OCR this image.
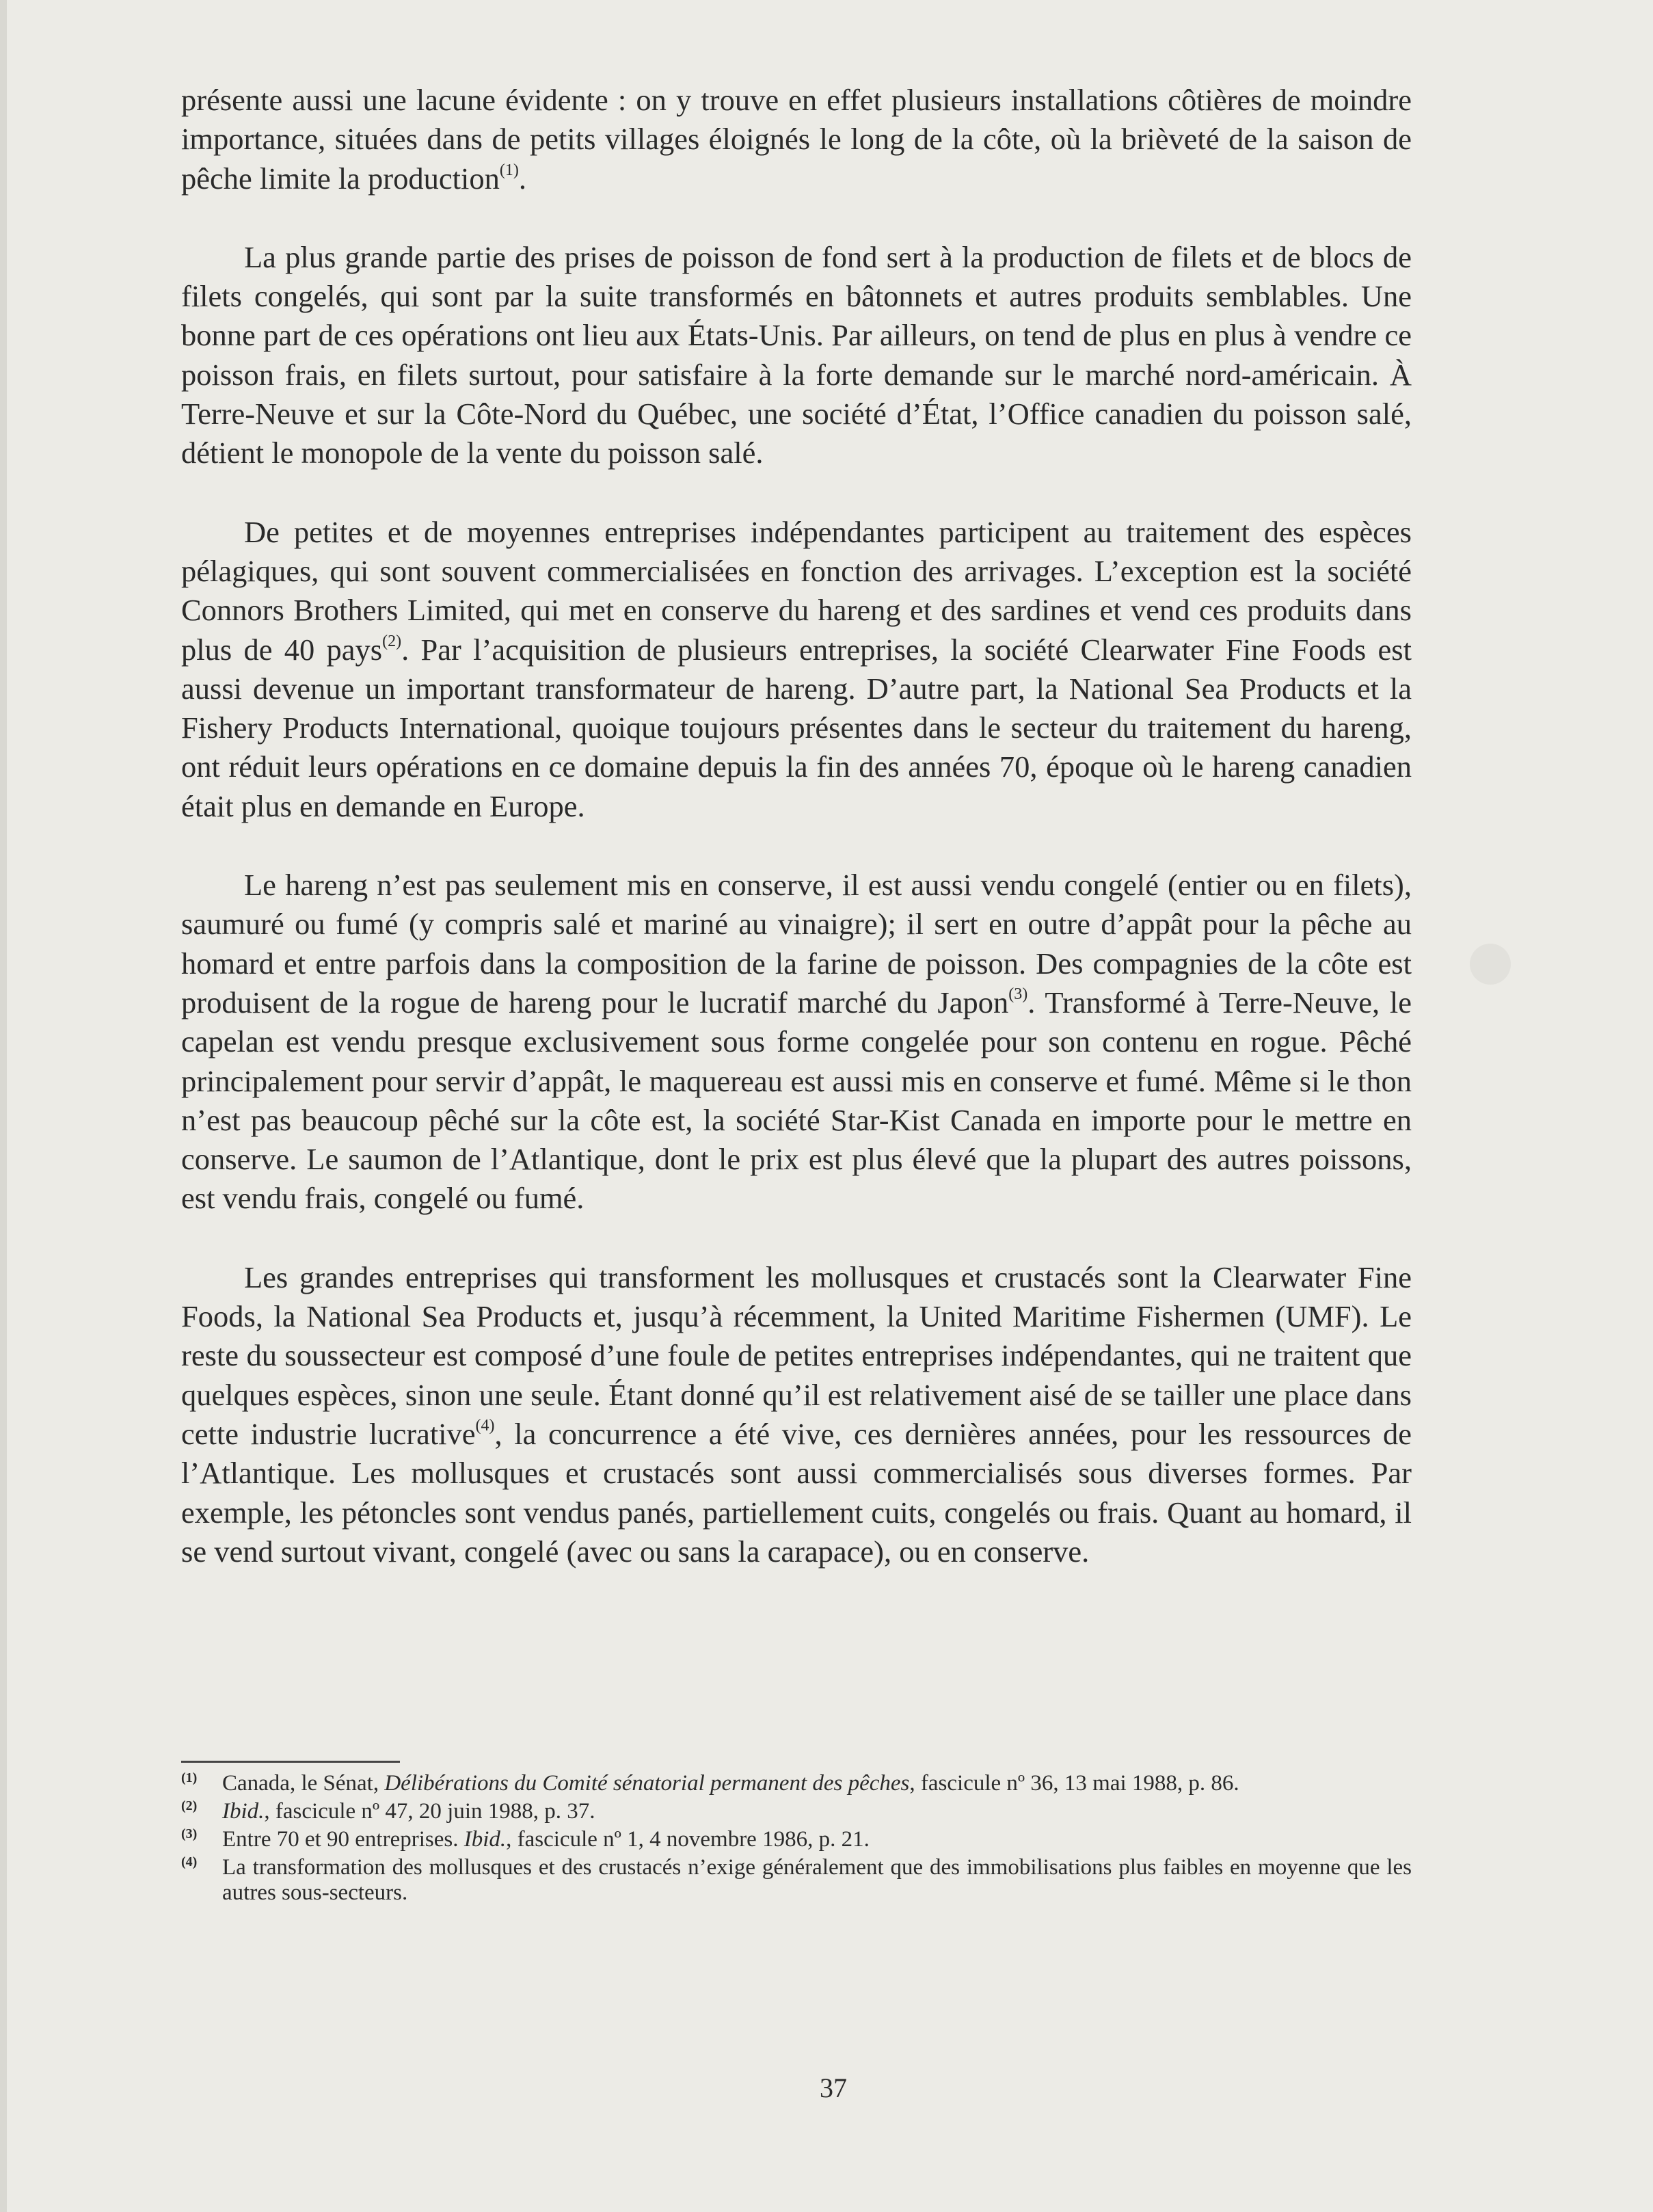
présente aussi une lacune évidente : on y trouve en effet plusieurs installations côtières de moindre importance, situées dans de petits villages éloignés le long de la côte, où la brièveté de la saison de pêche limite la production$^{(1)}$.

La plus grande partie des prises de poisson de fond sert à la production de filets et de blocs de filets congelés, qui sont par la suite transformés en bâtonnets et autres produits semblables. Une bonne part de ces opérations ont lieu aux États-Unis. Par ailleurs, on tend de plus en plus à vendre ce poisson frais, en filets surtout, pour satisfaire à la forte demande sur le marché nord-américain. À Terre-Neuve et sur la Côte-Nord du Québec, une société d’État, l’Office canadien du poisson salé, détient le monopole de la vente du poisson salé.

De petites et de moyennes entreprises indépendantes participent au traitement des espèces pélagiques, qui sont souvent commercialisées en fonction des arrivages. L’exception est la société Connors Brothers Limited, qui met en conserve du hareng et des sardines et vend ces produits dans plus de 40 pays$^{(2)}$. Par l’acquisition de plusieurs entreprises, la société Clearwater Fine Foods est aussi devenue un important transformateur de hareng. D’autre part, la National Sea Products et la Fishery Products International, quoique toujours présentes dans le secteur du traitement du hareng, ont réduit leurs opérations en ce domaine depuis la fin des années 70, époque où le hareng canadien était plus en demande en Europe.

Le hareng n’est pas seulement mis en conserve, il est aussi vendu congelé (entier ou en filets), saumuré ou fumé (y compris salé et mariné au vinaigre); il sert en outre d’appât pour la pêche au homard et entre parfois dans la composition de la farine de poisson. Des compagnies de la côte est produisent de la rogue de hareng pour le lucratif marché du Japon$^{(3)}$. Transformé à Terre-Neuve, le capelan est vendu presque exclusivement sous forme congelée pour son contenu en rogue. Pêché principalement pour servir d’appât, le maquereau est aussi mis en conserve et fumé. Même si le thon n’est pas beaucoup pêché sur la côte est, la société Star-Kist Canada en importe pour le mettre en conserve. Le saumon de l’Atlantique, dont le prix est plus élevé que la plupart des autres poissons, est vendu frais, congelé ou fumé.

Les grandes entreprises qui transforment les mollusques et crustacés sont la Clearwater Fine Foods, la National Sea Products et, jusqu’à récemment, la United Maritime Fishermen (UMF). Le reste du soussecteur est composé d’une foule de petites entreprises indépendantes, qui ne traitent que quelques espèces, sinon une seule. Étant donné qu’il est relativement aisé de se tailler une place dans cette industrie lucrative$^{(4)}$, la concurrence a été vive, ces dernières années, pour les ressources de l’Atlantique. Les mollusques et crustacés sont aussi commercialisés sous diverses formes. Par exemple, les pétoncles sont vendus panés, partiellement cuits, congelés ou frais. Quant au homard, il se vend surtout vivant, congelé (avec ou sans la carapace), ou en conserve.

(1) Canada, le Sénat, Délibérations du Comité sénatorial permanent des pêches, fascicule nº 36, 13 mai 1988, p. 86.
(2) Ibid., fascicule nº 47, 20 juin 1988, p. 37.
(3) Entre 70 et 90 entreprises. Ibid., fascicule nº 1, 4 novembre 1986, p. 21.
(4) La transformation des mollusques et des crustacés n’exige généralement que des immobilisations plus faibles en moyenne que les autres sous-secteurs.
37
